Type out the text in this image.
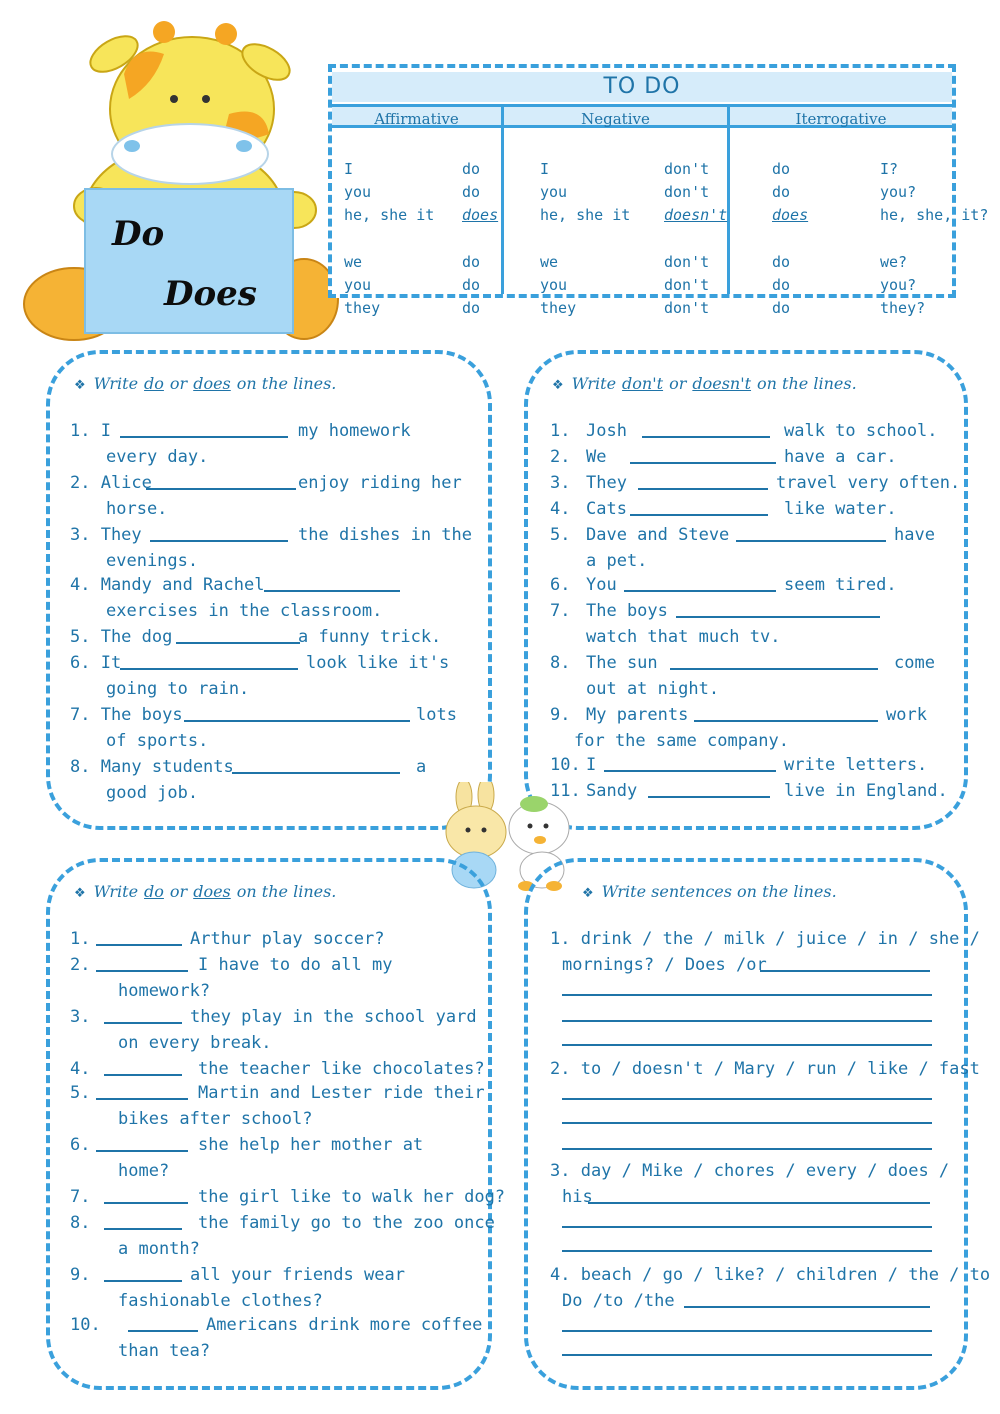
Do
Does
TO DO
Affirmative
I	do
you	do
he, she it does
we	do
you	do
they	do
Negative
I	don't
you	don't
he, she it doesn't
we	don't
you	don't
they	don't
Iterrogative
do	I?
do	you?
does	he, she, it?
do	we?
do	you?
do	they?
❖ Write do or does on the lines.
1. I	my homework
every day.
2. Alice	enjoy riding her
horse.
3. They	the dishes in the
evenings.
4. Mandy and Rachel
exercises in the classroom.
5. The dog	a funny trick.
6. It	look like it's
going to rain.
7. The boys	lots
of sports.
8. Many students	a
good job.
❖ Write don't or doesn't on the lines.
1. Josh	walk to school.
2. We	have a car.
3. They	travel very often.
4. Cats	like water.
5. Dave and Steve	have
a pet.
6. You	seem tired.
7. The boys
watch that much tv.
8. The sun	come
out at night.
9. My parents	work
for the same company.
10. I	write letters.
11. Sandy	live in England.
❖ Write do or does on the lines.
1.	Arthur play soccer?
2.	I have to do all my
homework?
3.	they play in the school yard
on every break.
4.	the teacher like chocolates?
5.	Martin and Lester ride their
bikes after school?
6.	she help her mother at
home?
7.	the girl like to walk her dog?
8.	the family go to the zoo once
a month?
9.	all your friends wear
fashionable clothes?
10.	Americans drink more coffee
than tea?
❖ Write sentences on the lines.
1. drink / the / milk / juice / in / she /
mornings? / Does /or
2. to / doesn't / Mary / run / like / fast
3. day / Mike / chores / every / does /
his
4. beach / go / like? / children / the / to
Do /to /the
